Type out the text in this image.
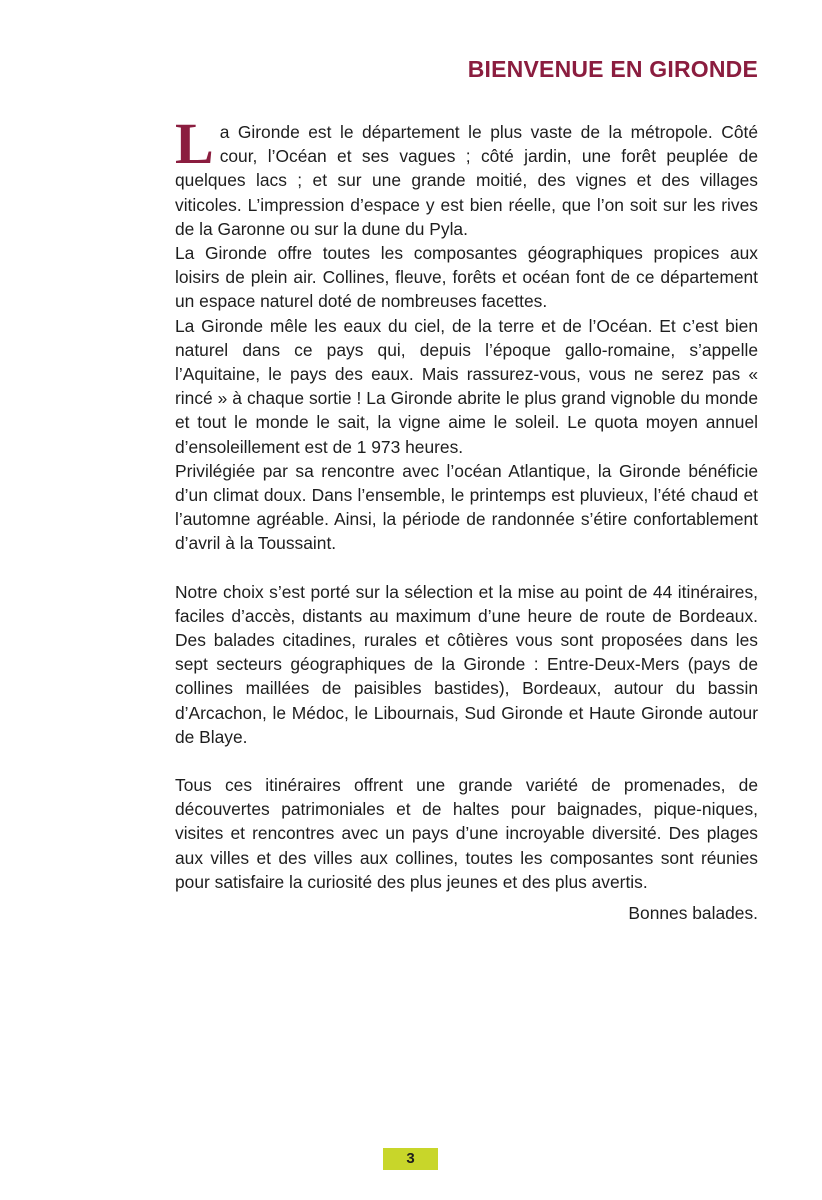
BIENVENUE EN GIRONDE

La Gironde est le département le plus vaste de la métropole. Côté cour, l’Océan et ses vagues ; côté jardin, une forêt peuplée de quelques lacs ; et sur une grande moitié, des vignes et des villages viticoles. L’impression d’espace y est bien réelle, que l’on soit sur les rives de la Garonne ou sur la dune du Pyla.

La Gironde offre toutes les composantes géographiques propices aux loisirs de plein air. Collines, fleuve, forêts et océan font de ce département un espace naturel doté de nombreuses facettes.

La Gironde mêle les eaux du ciel, de la terre et de l’Océan. Et c’est bien naturel dans ce pays qui, depuis l’époque gallo-romaine, s’appelle l’Aquitaine, le pays des eaux. Mais rassurez-vous, vous ne serez pas « rincé » à chaque sortie ! La Gironde abrite le plus grand vignoble du monde et tout le monde le sait, la vigne aime le soleil. Le quota moyen annuel d’ensoleillement est de 1 973 heures.

Privilégiée par sa rencontre avec l’océan Atlantique, la Gironde bénéficie d’un climat doux. Dans l’ensemble, le printemps est pluvieux, l’été chaud et l’automne agréable. Ainsi, la période de randonnée s’étire confortablement d’avril à la Toussaint.

Notre choix s’est porté sur la sélection et la mise au point de 44 itinéraires, faciles d’accès, distants au maximum d’une heure de route de Bordeaux. Des balades citadines, rurales et côtières vous sont proposées dans les sept secteurs géographiques de la Gironde : Entre-Deux-Mers (pays de collines maillées de paisibles bastides), Bordeaux, autour du bassin d’Arcachon, le Médoc, le Libournais, Sud Gironde et Haute Gironde autour de Blaye.

Tous ces itinéraires offrent une grande variété de promenades, de découvertes patrimoniales et de haltes pour baignades, pique-niques, visites et rencontres avec un pays d’une incroyable diversité. Des plages aux villes et des villes aux collines, toutes les composantes sont réunies pour satisfaire la curiosité des plus jeunes et des plus avertis.

Bonnes balades.

3
